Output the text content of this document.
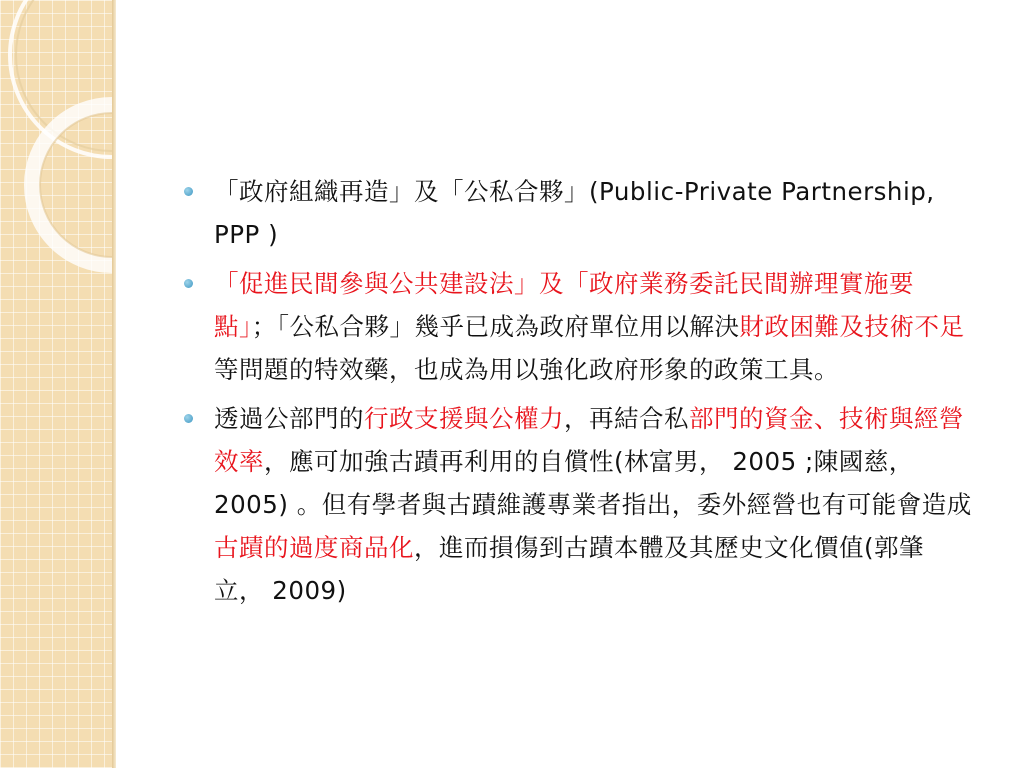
「政府組織再造」及「公私合夥」(Public-Private Partnership, PPP )
「促進民間參與公共建設法」及「政府業務委託民間辦理實施要點」；「公私合夥」幾乎已成為政府單位用以解決財政困難及技術不足等問題的特效藥，也成為用以強化政府形象的政策工具。
透過公部門的行政支援與公權力，再結合私部門的資金、技術與經營效率，應可加強古蹟再利用的自償性(林富男， 2005 ;陳國慈， 2005) 。但有學者與古蹟維護專業者指出，委外經營也有可能會造成古蹟的過度商品化，進而損傷到古蹟本體及其歷史文化價值(郭肇立， 2009)
